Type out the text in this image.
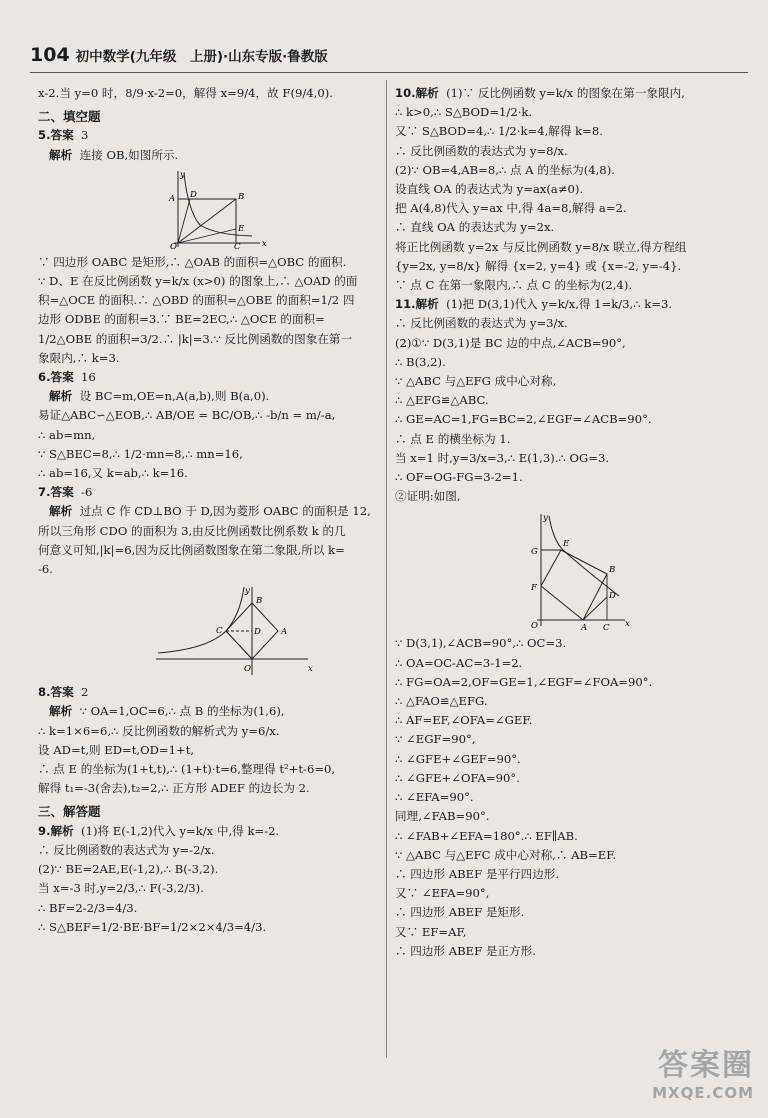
104 初中数学(九年级　上册)·山东专版·鲁教版
x-2.当 y=0 时，8/9·x-2=0，解得 x=9/4，故 F(9/4,0).
二、填空题
5.答案 3
解析 连接 OB,如图所示.
A	B
D
E
O	C	x
y
∵ 四边形 OABC 是矩形,∴ △OAB 的面积=△OBC 的面积.
∵ D、E 在反比例函数 y=k/x (x>0) 的图象上,∴ △OAD 的面
积=△OCE 的面积.∴ △OBD 的面积=△OBE 的面积=1/2 四
边形 ODBE 的面积=3.∵ BE=2EC,∴ △OCE 的面积=
1/2△OBE 的面积=3/2.∴ |k|=3.∵ 反比例函数的图象在第一
象限内,∴ k=3.
6.答案 16
解析 设 BC=m,OE=n,A(a,b),则 B(a,0).
易证△ABC∽△EOB,∴ AB/OE = BC/OB,∴ -b/n = m/-a,
∴ ab=mn,
∵ S△BEC=8,∴ 1/2·mn=8,∴ mn=16,
∴ ab=16,又 k=ab,∴ k=16.
7.答案 -6
解析 过点 C 作 CD⊥BO 于 D,因为菱形 OABC 的面积是 12,
所以三角形 CDO 的面积为 3,由反比例函数比例系数 k 的几
何意义可知,|k|=6,因为反比例函数图象在第二象限,所以 k=
-6.
y
B
C	D A
O	x
8.答案 2
解析 ∵ OA=1,OC=6,∴ 点 B 的坐标为(1,6),
∴ k=1×6=6,∴ 反比例函数的解析式为 y=6/x.
设 AD=t,则 ED=t,OD=1+t,
∴ 点 E 的坐标为(1+t,t),∴ (1+t)·t=6,整理得 t²+t-6=0,
解得 t₁=-3(舍去),t₂=2,∴ 正方形 ADEF 的边长为 2.
三、解答题
9.解析 (1)将 E(-1,2)代入 y=k/x 中,得 k=-2.
∴ 反比例函数的表达式为 y=-2/x.
(2)∵ BE=2AE,E(-1,2),∴ B(-3,2).
当 x=-3 时,y=2/3,∴ F(-3,2/3).
∴ BF=2-2/3=4/3.
∴ S△BEF=1/2·BE·BF=1/2×2×4/3=4/3.
10.解析 (1)∵ 反比例函数 y=k/x 的图象在第一象限内,
∴ k>0,∴ S△BOD=1/2·k.
又∵ S△BOD=4,∴ 1/2·k=4,解得 k=8.
∴ 反比例函数的表达式为 y=8/x.
(2)∵ OB=4,AB=8,∴ 点 A 的坐标为(4,8).
设直线 OA 的表达式为 y=ax(a≠0).
把 A(4,8)代入 y=ax 中,得 4a=8,解得 a=2.
∴ 直线 OA 的表达式为 y=2x.
将正比例函数 y=2x 与反比例函数 y=8/x 联立,得方程组
{y=2x, y=8/x} 解得 {x=2, y=4} 或 {x=-2, y=-4}.
∵ 点 C 在第一象限内,∴ 点 C 的坐标为(2,4).
11.解析 (1)把 D(3,1)代入 y=k/x,得 1=k/3,∴ k=3.
∴ 反比例函数的表达式为 y=3/x.
(2)①∵ D(3,1)是 BC 边的中点,∠ACB=90°,
∴ B(3,2).
∵ △ABC 与△EFG 成中心对称,
∴ △EFG≌△ABC.
∴ GE=AC=1,FG=BC=2,∠EGF=∠ACB=90°.
∴ 点 E 的横坐标为 1.
当 x=1 时,y=3/x=3,∴ E(1,3).∴ OG=3.
∴ OF=OG-FG=3-2=1.
②证明:如图,
y
G
E
B
F
D
O	C
A	x
∵ D(3,1),∠ACB=90°,∴ OC=3.
∴ OA=OC-AC=3-1=2.
∴ FG=OA=2,OF=GE=1,∠EGF=∠FOA=90°.
∴ △FAO≌△EFG.
∴ AF=EF,∠OFA=∠GEF.
∵ ∠EGF=90°,
∴ ∠GFE+∠GEF=90°.
∴ ∠GFE+∠OFA=90°.
∴ ∠EFA=90°.
同理,∠FAB=90°.
∴ ∠FAB+∠EFA=180°.∴ EF∥AB.
∵ △ABC 与△EFC 成中心对称,∴ AB=EF.
∴ 四边形 ABEF 是平行四边形.
又∵ ∠EFA=90°,
∴ 四边形 ABEF 是矩形.
又∵ EF=AF,
∴ 四边形 ABEF 是正方形.
答案圈
MXQE.COM
